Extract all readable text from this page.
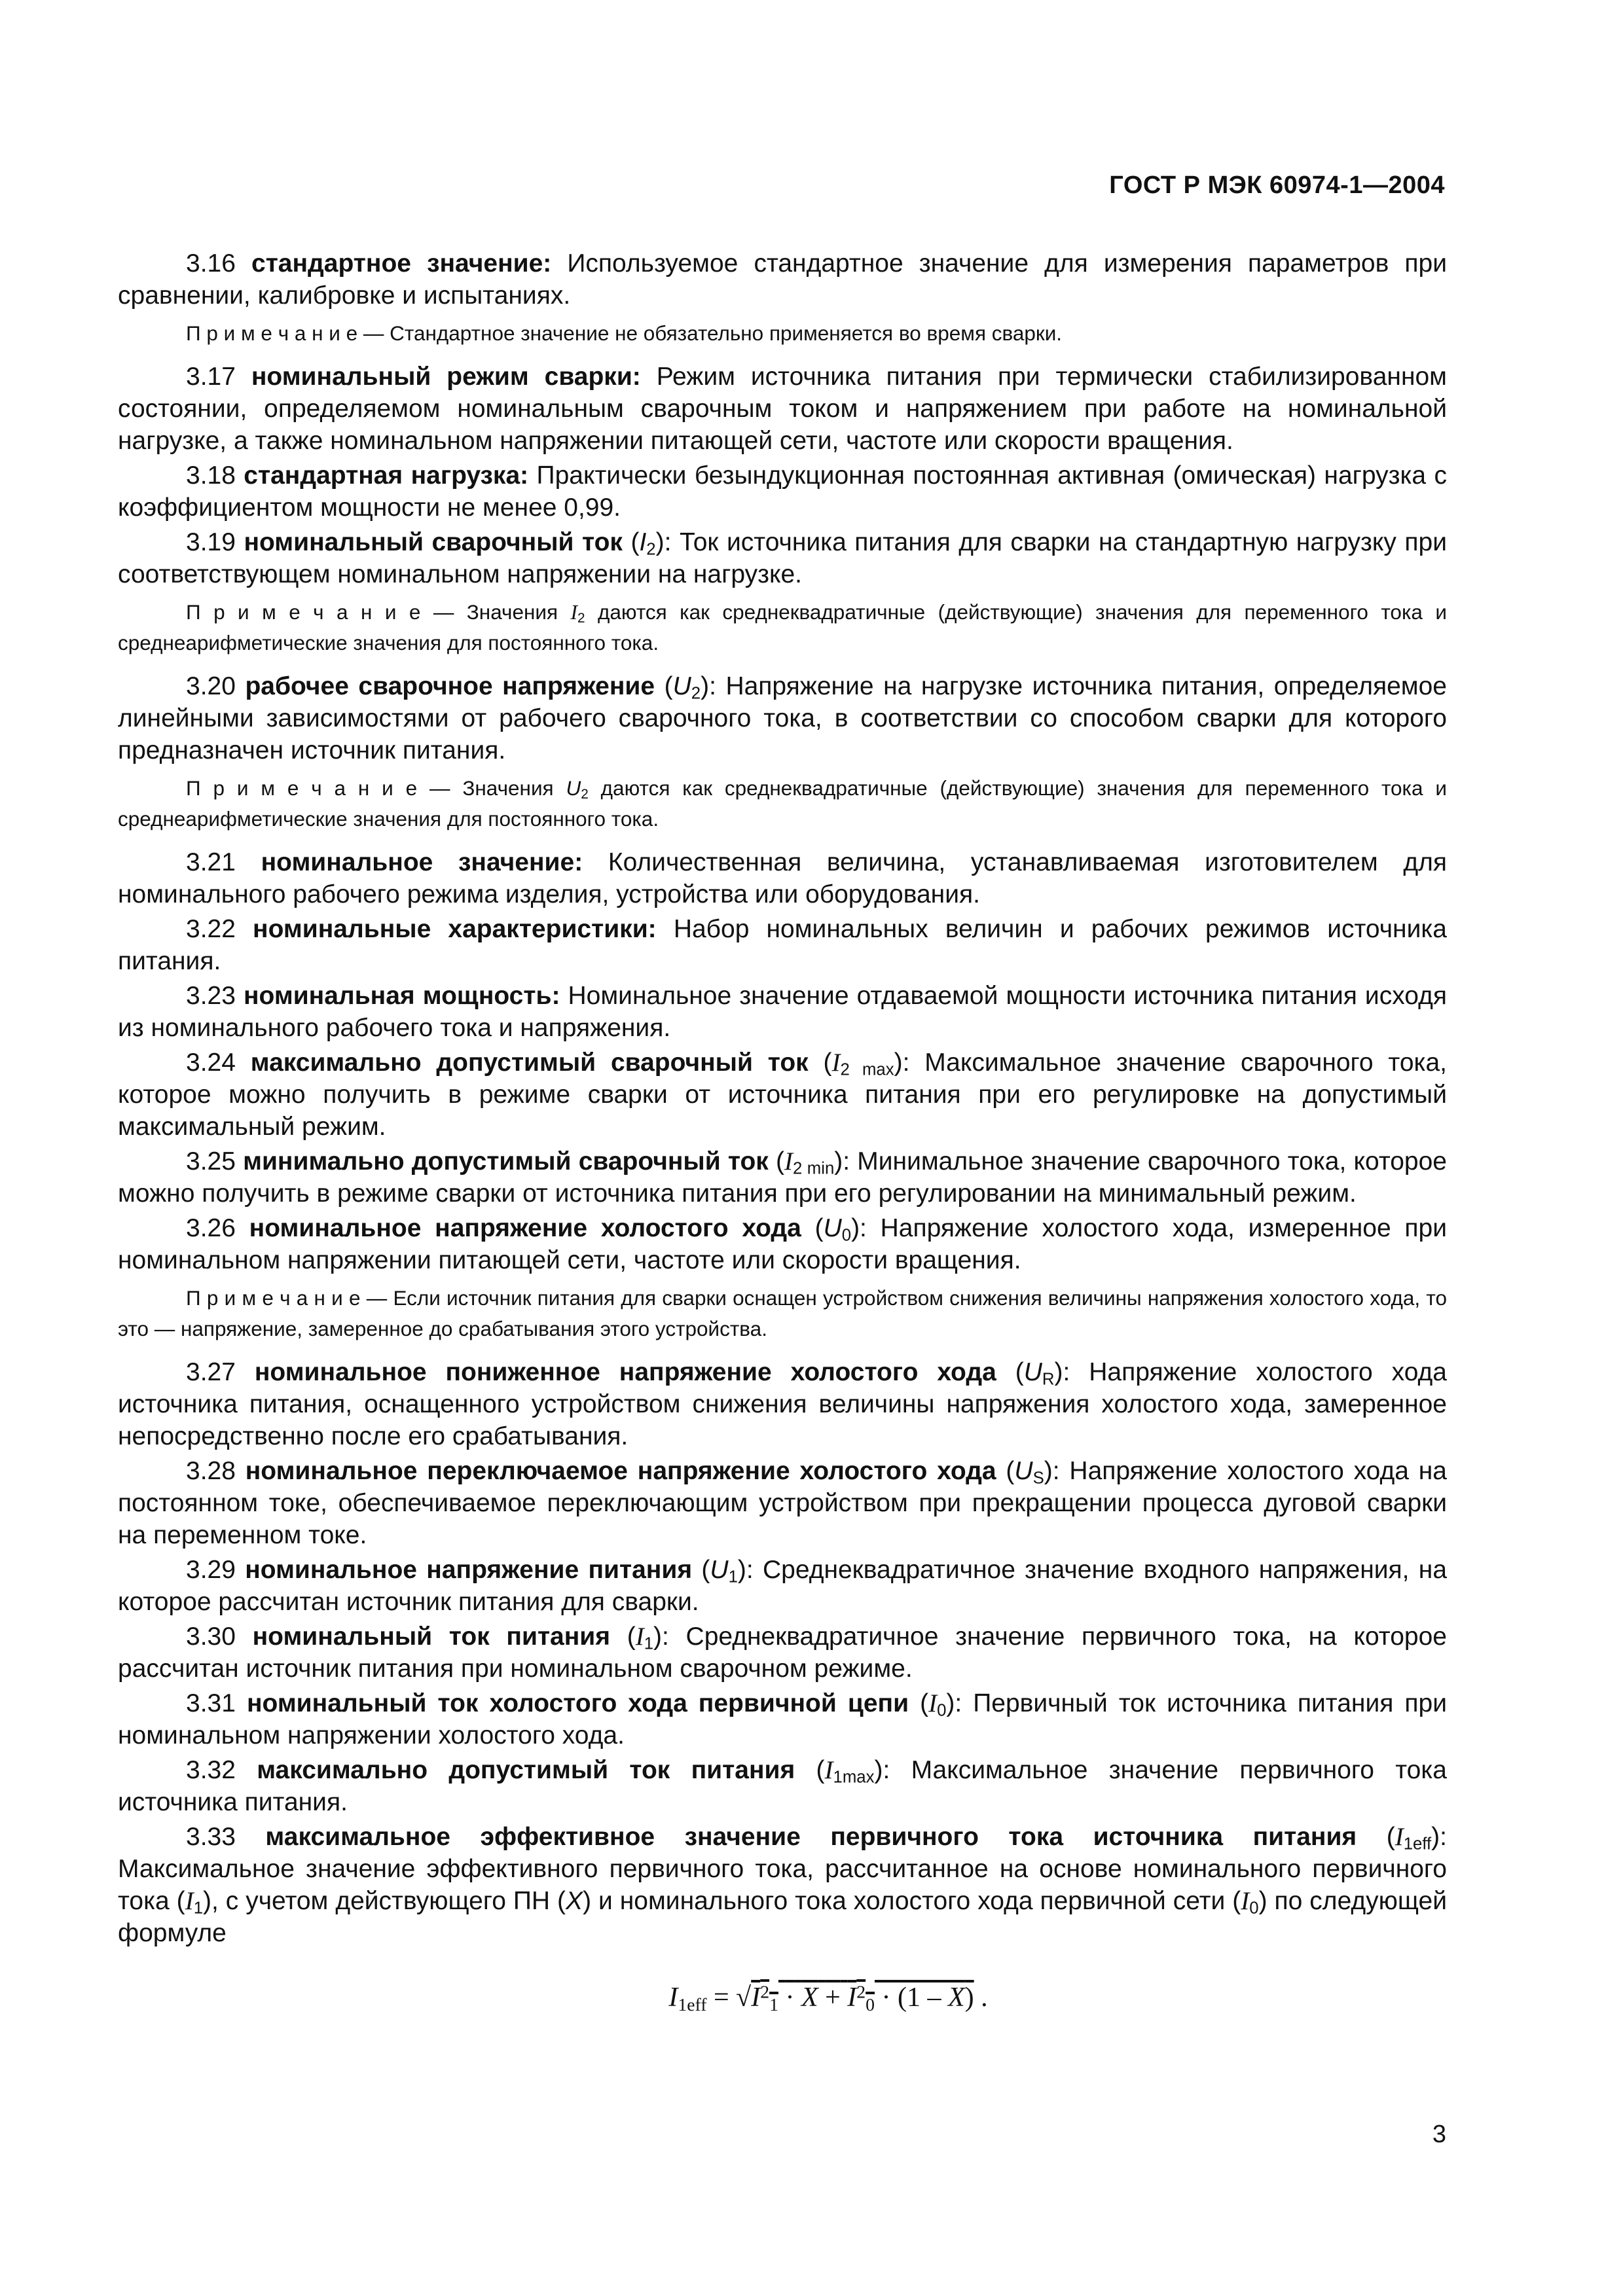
ГОСТ Р МЭК 60974-1—2004

3.16 стандартное значение: Используемое стандартное значение для измерения параметров при сравнении, калибровке и испытаниях.

П р и м е ч а н и е — Стандартное значение не обязательно применяется во время сварки.

3.17 номинальный режим сварки: Режим источника питания при термически стабилизированном состоянии, определяемом номинальным сварочным током и напряжением при работе на номинальной нагрузке, а также номинальном напряжении питающей сети, частоте или скорости вращения.

3.18 стандартная нагрузка: Практически безындукционная постоянная активная (омическая) нагрузка с коэффициентом мощности не менее 0,99.

3.19 номинальный сварочный ток $(I_2)$: Ток источника питания для сварки на стандартную нагрузку при соответствующем номинальном напряжении на нагрузке.

П р и м е ч а н и е — Значения $I_2$ даются как среднеквадратичные (действующие) значения для переменного тока и среднеарифметические значения для постоянного тока.

3.20 рабочее сварочное напряжение $(U_2)$: Напряжение на нагрузке источника питания, определяемое линейными зависимостями от рабочего сварочного тока, в соответствии со способом сварки для которого предназначен источник питания.

П р и м е ч а н и е — Значения $U_2$ даются как среднеквадратичные (действующие) значения для переменного тока и среднеарифметические значения для постоянного тока.

3.21 номинальное значение: Количественная величина, устанавливаемая изготовителем для номинального рабочего режима изделия, устройства или оборудования.

3.22 номинальные характеристики: Набор номинальных величин и рабочих режимов источника питания.

3.23 номинальная мощность: Номинальное значение отдаваемой мощности источника питания исходя из номинального рабочего тока и напряжения.

3.24 максимально допустимый сварочный ток $(I_{2 max})$: Максимальное значение сварочного тока, которое можно получить в режиме сварки от источника питания при его регулировке на допустимый максимальный режим.

3.25 минимально допустимый сварочный ток $(I_{2 min})$: Минимальное значение сварочного тока, которое можно получить в режиме сварки от источника питания при его регулировании на минимальный режим.

3.26 номинальное напряжение холостого хода $(U_0)$: Напряжение холостого хода, измеренное при номинальном напряжении питающей сети, частоте или скорости вращения.

П р и м е ч а н и е — Если источник питания для сварки оснащен устройством снижения величины напряжения холостого хода, то это — напряжение, замеренное до срабатывания этого устройства.

3.27 номинальное пониженное напряжение холостого хода $(U_R)$: Напряжение холостого хода источника питания, оснащенного устройством снижения величины напряжения холостого хода, замеренное непосредственно после его срабатывания.

3.28 номинальное переключаемое напряжение холостого хода $(U_S)$: Напряжение холостого хода на постоянном токе, обеспечиваемое переключающим устройством при прекращении процесса дуговой сварки на переменном токе.

3.29 номинальное напряжение питания $(U_1)$: Среднеквадратичное значение входного напряжения, на которое рассчитан источник питания для сварки.

3.30 номинальный ток питания $(I_1)$: Среднеквадратичное значение первичного тока, на которое рассчитан источник питания при номинальном сварочном режиме.

3.31 номинальный ток холостого хода первичной цепи $(I_0)$: Первичный ток источника питания при номинальном напряжении холостого хода.

3.32 максимально допустимый ток питания $(I_{1max})$: Максимальное значение первичного тока источника питания.

3.33 максимальное эффективное значение первичного тока источника питания $(I_{1eff})$: Максимальное значение эффективного первичного тока, рассчитанное на основе номинального первичного тока $(I_1)$, с учетом действующего ПН (X) и номинального тока холостого хода первичной сети $(I_0)$ по следующей формуле

$I_{1eff} = √I^2_1 \cdot X + I^2_0 \cdot (1 - X)$ .
3
